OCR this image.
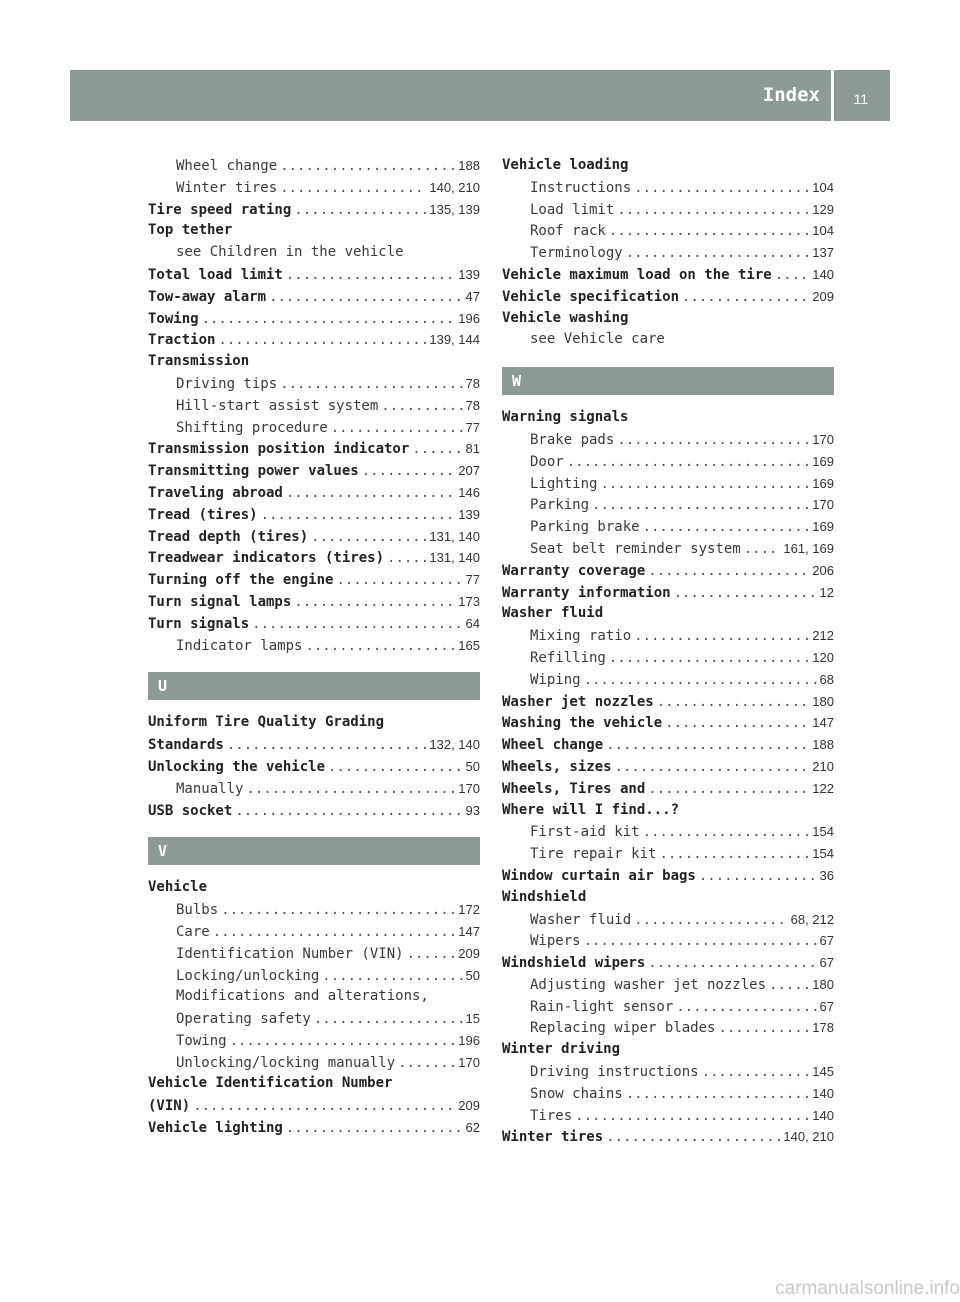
Index 11
Wheel change .....	188
Winter tires .....	140, 210
Tire speed rating .....	135, 139
Top tether
see Children in the vehicle
Total load limit .....	139
Tow-away alarm .....	47
Towing .....	196
Traction .....	139, 144
Transmission
Driving tips .....	78
Hill-start assist system .....	78
Shifting procedure .....	77
Transmission position indicator .....	81
Transmitting power values .....	207
Traveling abroad .....	146
Tread (tires) .....	139
Tread depth (tires) .....	131, 140
Treadwear indicators (tires) .....	131, 140
Turning off the engine .....	77
Turn signal lamps .....	173
Turn signals .....	64
Indicator lamps .....	165
U
Uniform Tire Quality Grading
Standards .....	132, 140
Unlocking the vehicle .....	50
Manually .....	170
USB socket .....	93
V
Vehicle
Bulbs .....	172
Care .....	147
Identification Number (VIN) .....	209
Locking/unlocking .....	50
Modifications and alterations,
Operating safety .....	15
Towing .....	196
Unlocking/locking manually .....	170
Vehicle Identification Number
(VIN) .....	209
Vehicle lighting .....	62
Vehicle loading
Instructions .....	104
Load limit .....	129
Roof rack .....	104
Terminology .....	137
Vehicle maximum load on the tire .....	140
Vehicle specification .....	209
Vehicle washing
see Vehicle care
W
Warning signals
Brake pads .....	170
Door .....	169
Lighting .....	169
Parking .....	170
Parking brake .....	169
Seat belt reminder system .....	161, 169
Warranty coverage .....	206
Warranty information .....	12
Washer fluid
Mixing ratio .....	212
Refilling .....	120
Wiping .....	68
Washer jet nozzles .....	180
Washing the vehicle .....	147
Wheel change .....	188
Wheels, sizes .....	210
Wheels, Tires and .....	122
Where will I find...?
First-aid kit .....	154
Tire repair kit .....	154
Window curtain air bags .....	36
Windshield
Washer fluid .....	68, 212
Wipers .....	67
Windshield wipers .....	67
Adjusting washer jet nozzles .....	180
Rain-light sensor .....	67
Replacing wiper blades .....	178
Winter driving
Driving instructions .....	145
Snow chains .....	140
Tires .....	140
Winter tires .....	140, 210
carmanualsonline.info
